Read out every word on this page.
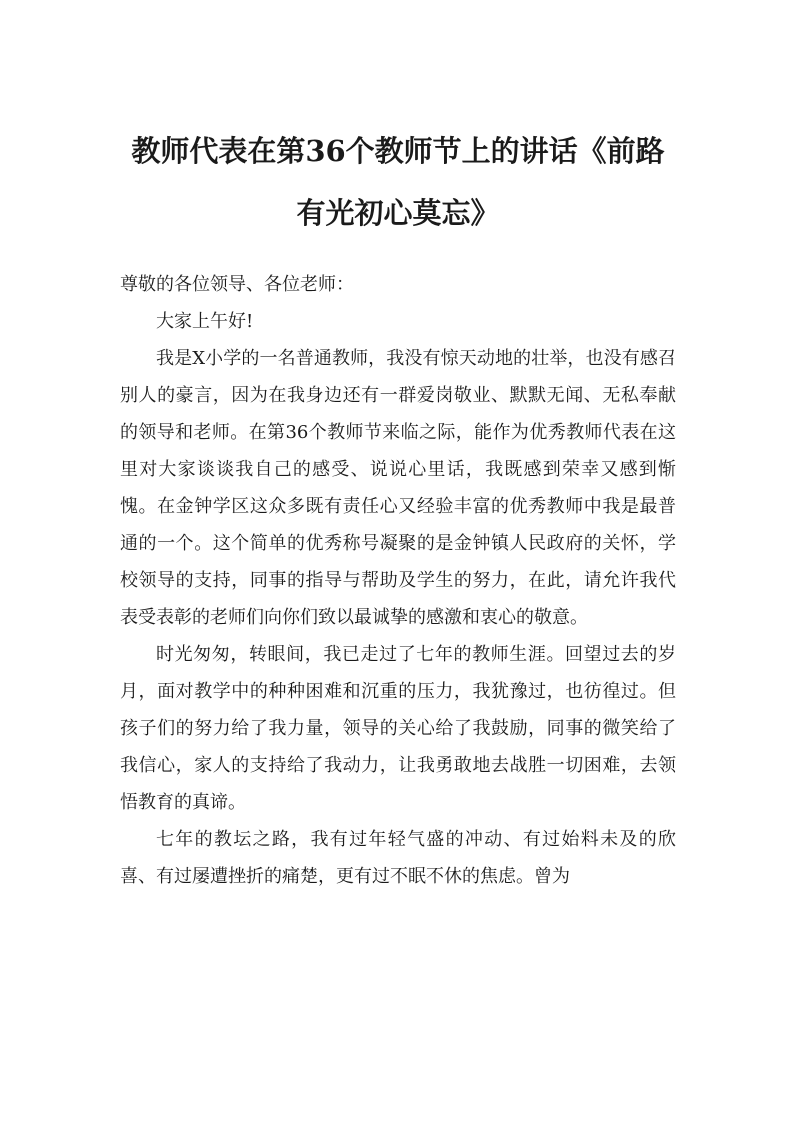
教师代表在第36个教师节上的讲话《前路有光初心莫忘》

尊敬的各位领导、各位老师：

大家上午好!

我是X小学的一名普通教师，我没有惊天动地的壮举，也没有感召别人的豪言，因为在我身边还有一群爱岗敬业、默默无闻、无私奉献的领导和老师。在第36个教师节来临之际，能作为优秀教师代表在这里对大家谈谈我自己的感受、说说心里话，我既感到荣幸又感到惭愧。在金钟学区这众多既有责任心又经验丰富的优秀教师中我是最普通的一个。这个简单的优秀称号凝聚的是金钟镇人民政府的关怀，学校领导的支持，同事的指导与帮助及学生的努力，在此，请允许我代表受表彰的老师们向你们致以最诚挚的感激和衷心的敬意。

时光匆匆，转眼间，我已走过了七年的教师生涯。回望过去的岁月，面对教学中的种种困难和沉重的压力，我犹豫过，也彷徨过。但孩子们的努力给了我力量，领导的关心给了我鼓励，同事的微笑给了我信心，家人的支持给了我动力，让我勇敢地去战胜一切困难，去领悟教育的真谛。

七年的教坛之路，我有过年轻气盛的冲动、有过始料未及的欣喜、有过屡遭挫折的痛楚，更有过不眠不休的焦虑。曾为
